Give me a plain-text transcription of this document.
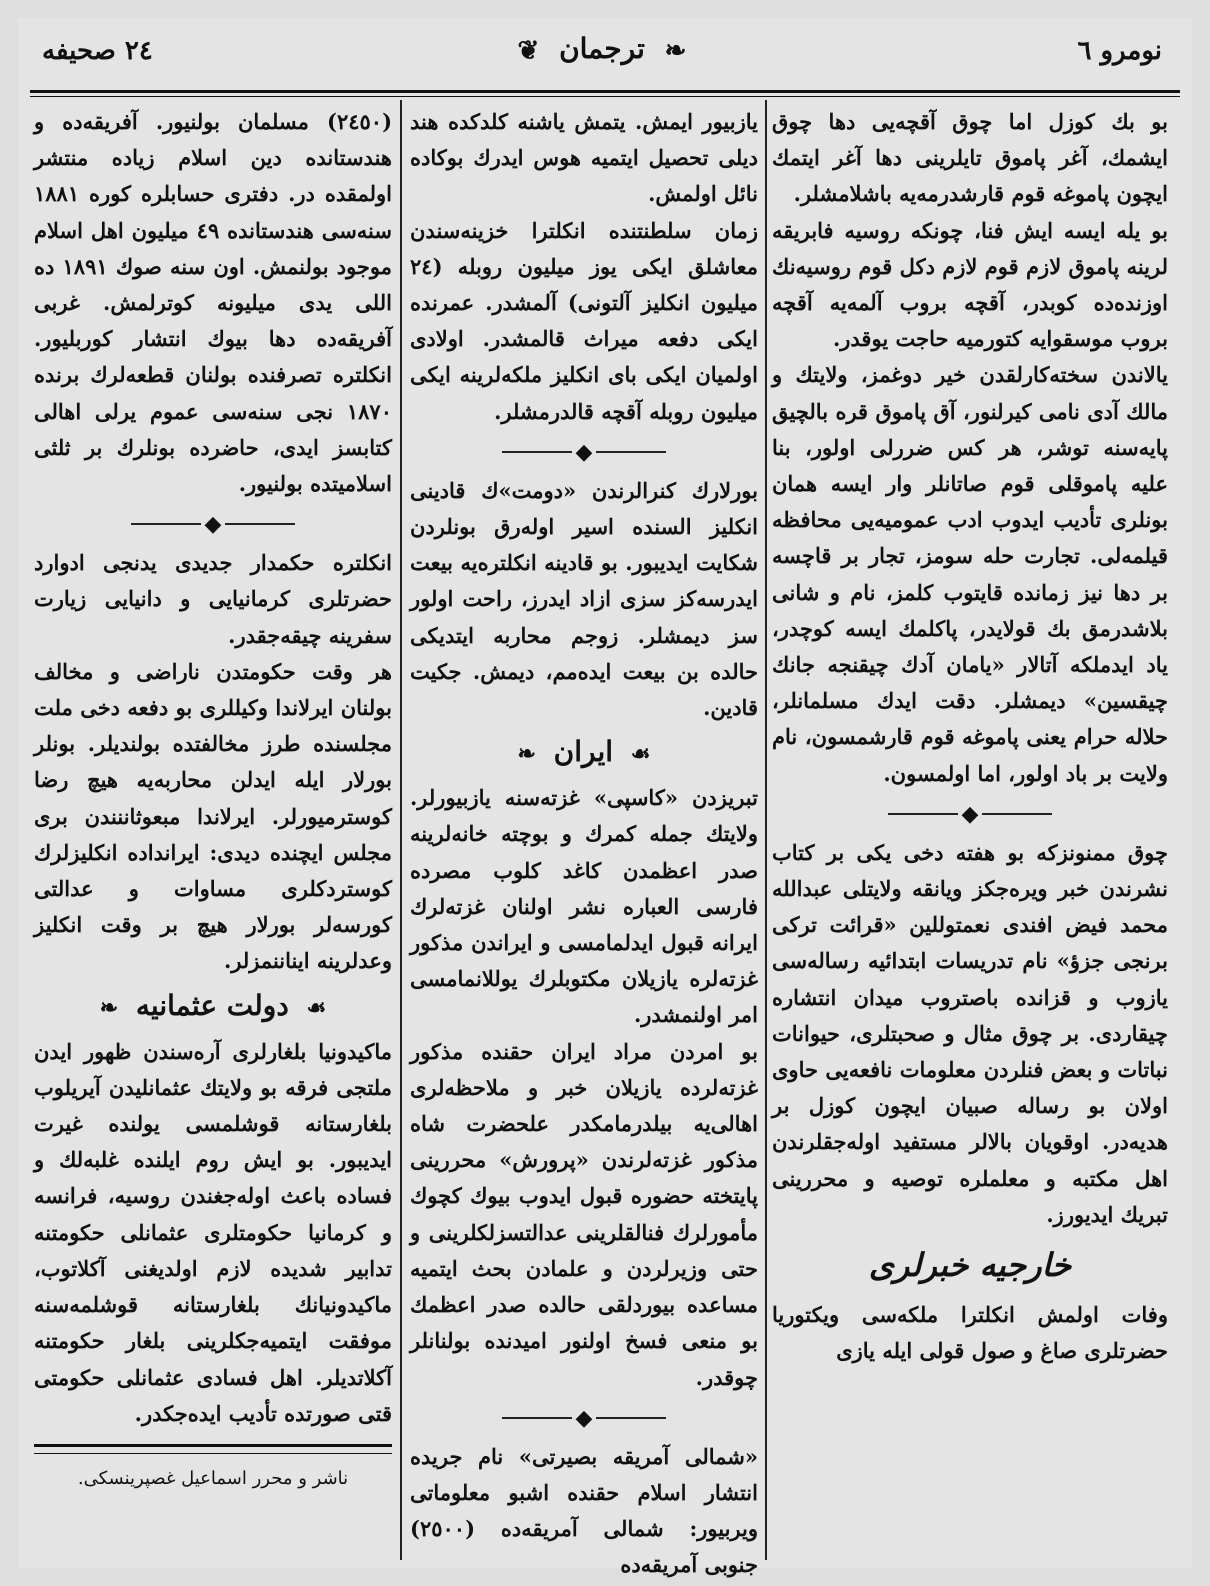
نومرو ٦
❧ ترجمان ❦
٢٤ صحيفه

بو بك كوزل اما چوق آقچه‌يى دها چوق ايشمك، آغر پاموق تايلرينى دها آغر ايتمك ايچون پاموغه قوم قارشدرمه‌يه باشلامشلر.

بو يله ايسه ايش فنا، چونكه روسيه فابريقه لرينه پاموق لازم قوم لازم دكل قوم روسيه‌نك اوزنده‌ده كوبدر، آقچه بروب آلمه‌يه آقچه بروب موسقوايه كتورميه حاجت يوقدر.

يالاندن سخته‌كارلقدن خير دوغمز، ولايتك و مالك آدى نامى كيرلنور، آق پاموق قره بالچيق پايه‌سنه توشر، هر كس ضررلى اولور، بنا عليه پاموقلى قوم صاتانلر وار ايسه همان بونلرى تأديب ايدوب ادب عموميه‌يى محافظه قيلمه‌لى. تجارت حله سومز، تجار بر قاچسه بر دها نيز زمانده قايتوب كلمز، نام و شانى بلاشدرمق بك قولايدر، پاكلمك ايسه كوچدر، ياد ايدملكه آتالار «يامان آدك چيقنجه جانك چيقسين» ديمشلر. دقت ايدك مسلمانلر، حلاله حرام يعنى پاموغه قوم قارشمسون، نام ولايت بر باد اولور، اما اولمسون.

◆

چوق ممنونزكه بو هفته دخى يكى بر كتاب نشرندن خبر ويره‌جكز ويانقه ولايتلى عبدالله محمد فيض افندى نعمتوللين «قرائت تركى برنجى جزؤ» نام تدريسات ابتدائيه رساله‌سى يازوب و قزانده باصتروب ميدان انتشاره چيقاردى. بر چوق مثال و صحبتلرى، حيوانات نباتات و بعض فنلردن معلومات نافعه‌يى حاوى اولان بو رساله صبيان ايچون كوزل بر هديه‌در. اوقويان بالالر مستفيد اوله‌جقلرندن اهل مكتبه و معلملره توصيه و محررينى تبريك ايديورز.

خارجيه خبرلرى

وفات اولمش انكلترا ملكه‌سى ويكتوريا حضرتلرى صاغ و صول قولى ايله يازى

يازبيور ايمش. يتمش ياشنه كلدكده هند ديلى تحصيل ايتميه هوس ايدرك بوكاده نائل اولمش.

زمان سلطنتنده انكلترا خزينه‌سندن معاشلق ايكى يوز ميليون روبله (٢٤ ميليون انكليز آلتونى) آلمشدر. عمرنده ايكى دفعه ميراث قالمشدر. اولادى اولميان ايكى باى انكليز ملكه‌لرينه ايكى ميليون روبله آقچه قالدرمشلر.

◆

بورلارك كنرالرندن «دومت»ك قادينى انكليز السنده اسير اوله‌رق بونلردن شكايت ايديبور. بو قادينه انكلتره‌يه بيعت ايدرسه‌كز سزى ازاد ايدرز، راحت اولور سز ديمشلر. زوجم محاربه ايتديكى حالده بن بيعت ايده‌مم، ديمش. جكيت قادين.

☙ ايران ❧

تبريزدن «كاسپى» غزته‌سنه يازبيورلر. ولايتك جمله كمرك و بوچته خانه‌لرينه صدر اعظمدن كاغد كلوب مصرده فارسى العباره نشر اولنان غزته‌لرك ايرانه قبول ايدلمامسى و ايراندن مذكور غزته‌لره يازيلان مكتوبلرك يوللانمامسى امر اولنمشدر.

بو امردن مراد ايران حقنده مذكور غزته‌لرده يازيلان خبر و ملاحظه‌لرى اهالى‌يه بيلدرمامكدر علحضرت شاه مذكور غزته‌لرندن «پرورش» محررينى پايتخته حضوره قبول ايدوب بيوك كچوك مأمورلرك فنالقلرينى عدالتسزلكلرينى و حتى وزيرلردن و علمادن بحث ايتميه مساعده بيوردلقى حالده صدر اعظمك بو منعى فسخ اولنور اميدنده بولنانلر چوقدر.

◆

«شمالى آمريقه بصيرتى» نام جريده انتشار اسلام حقنده اشبو معلوماتى ويربيور: شمالى آمريقه‌ده (٢٥٠٠) جنوبى آمريقه‌ده

(٢٤٥٠) مسلمان بولنيور. آفريقه‌ده و هندستانده دين اسلام زياده منتشر اولمقده در. دفترى حسابلره كوره ١٨٨١ سنه‌سى هندستانده ٤٩ ميليون اهل اسلام موجود بولنمش. اون سنه صوك ١٨٩١ ده اللى يدى ميليونه كوترلمش. غربى آفريقه‌ده دها بيوك انتشار كوربليور. انكلتره تصرفنده بولنان قطعه‌لرك برنده ١٨٧٠ نجى سنه‌سى عموم يرلى اهالى كتابسز ايدى، حاضرده بونلرك بر ثلثى اسلاميتده بولنيور.

◆

انكلتره حكمدار جديدى يدنجى ادوارد حضرتلرى كرمانيايى و دانيايى زيارت سفرينه چيقه‌جقدر.

هر وقت حكومتدن ناراضى و مخالف بولنان ايرلاندا وكيللرى بو دفعه دخى ملت مجلسنده طرز مخالفتده بولنديلر. بونلر بورلار ايله ايدلن محاربه‌يه هيچ رضا كوسترميورلر. ايرلاندا مبعوثاننندن برى مجلس ايچنده ديدى: ايرانداده انكليزلرك كوستردكلرى مساوات و عدالتى كورسه‌لر بورلار هيچ بر وقت انكليز وعدلرينه ايناننمزلر.

☙ دولت عثمانيه ❧

ماكيدونيا بلغارلرى آره‌سندن ظهور ايدن ملتجى فرقه بو ولايتك عثمانليدن آيريلوب بلغارستانه قوشلمسى يولنده غيرت ايديبور. بو ايش روم ايلنده غلبه‌لك و فساده باعث اوله‌جغندن روسيه، فرانسه و كرمانيا حكومتلرى عثمانلى حكومتنه تدابير شديده لازم اولديغنى آكلاتوب، ماكيدونيانك بلغارستانه قوشلمه‌سنه موفقت ايتميه‌جكلرينى بلغار حكومتنه آكلاتديلر. اهل فسادى عثمانلى حكومتى قتى صورتده تأديب ايده‌جكدر.

ناشر و محرر اسماعيل غصپرينسكى.
